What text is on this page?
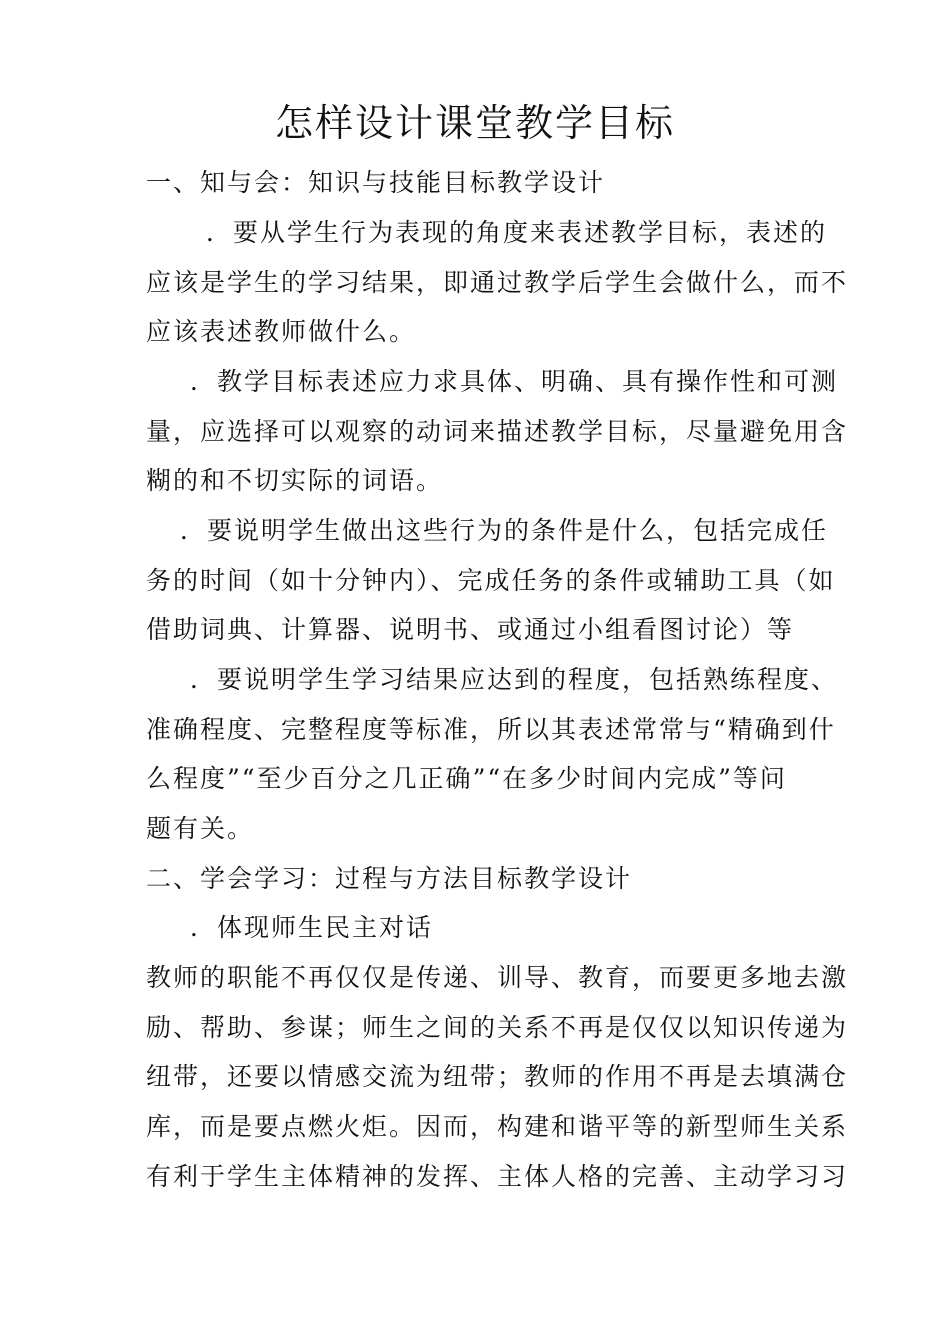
怎样设计课堂教学目标
一、知与会：知识与技能目标教学设计
．要从学生行为表现的角度来表述教学目标，表述的
应该是学生的学习结果，即通过教学后学生会做什么，而不
应该表述教师做什么。
．教学目标表述应力求具体、明确、具有操作性和可测
量，应选择可以观察的动词来描述教学目标，尽量避免用含
糊的和不切实际的词语。
．要说明学生做出这些行为的条件是什么，包括完成任
务的时间（如十分钟内）、完成任务的条件或辅助工具（如
借助词典、计算器、说明书、或通过小组看图讨论）等
．要说明学生学习结果应达到的程度，包括熟练程度、
准确程度、完整程度等标准，所以其表述常常与“精确到什
么程度”“至少百分之几正确”“在多少时间内完成”等问
题有关。
二、学会学习：过程与方法目标教学设计
．体现师生民主对话
教师的职能不再仅仅是传递、训导、教育，而要更多地去激
励、帮助、参谋；师生之间的关系不再是仅仅以知识传递为
纽带，还要以情感交流为纽带；教师的作用不再是去填满仓
库，而是要点燃火炬。因而，构建和谐平等的新型师生关系
有利于学生主体精神的发挥、主体人格的完善、主动学习习
